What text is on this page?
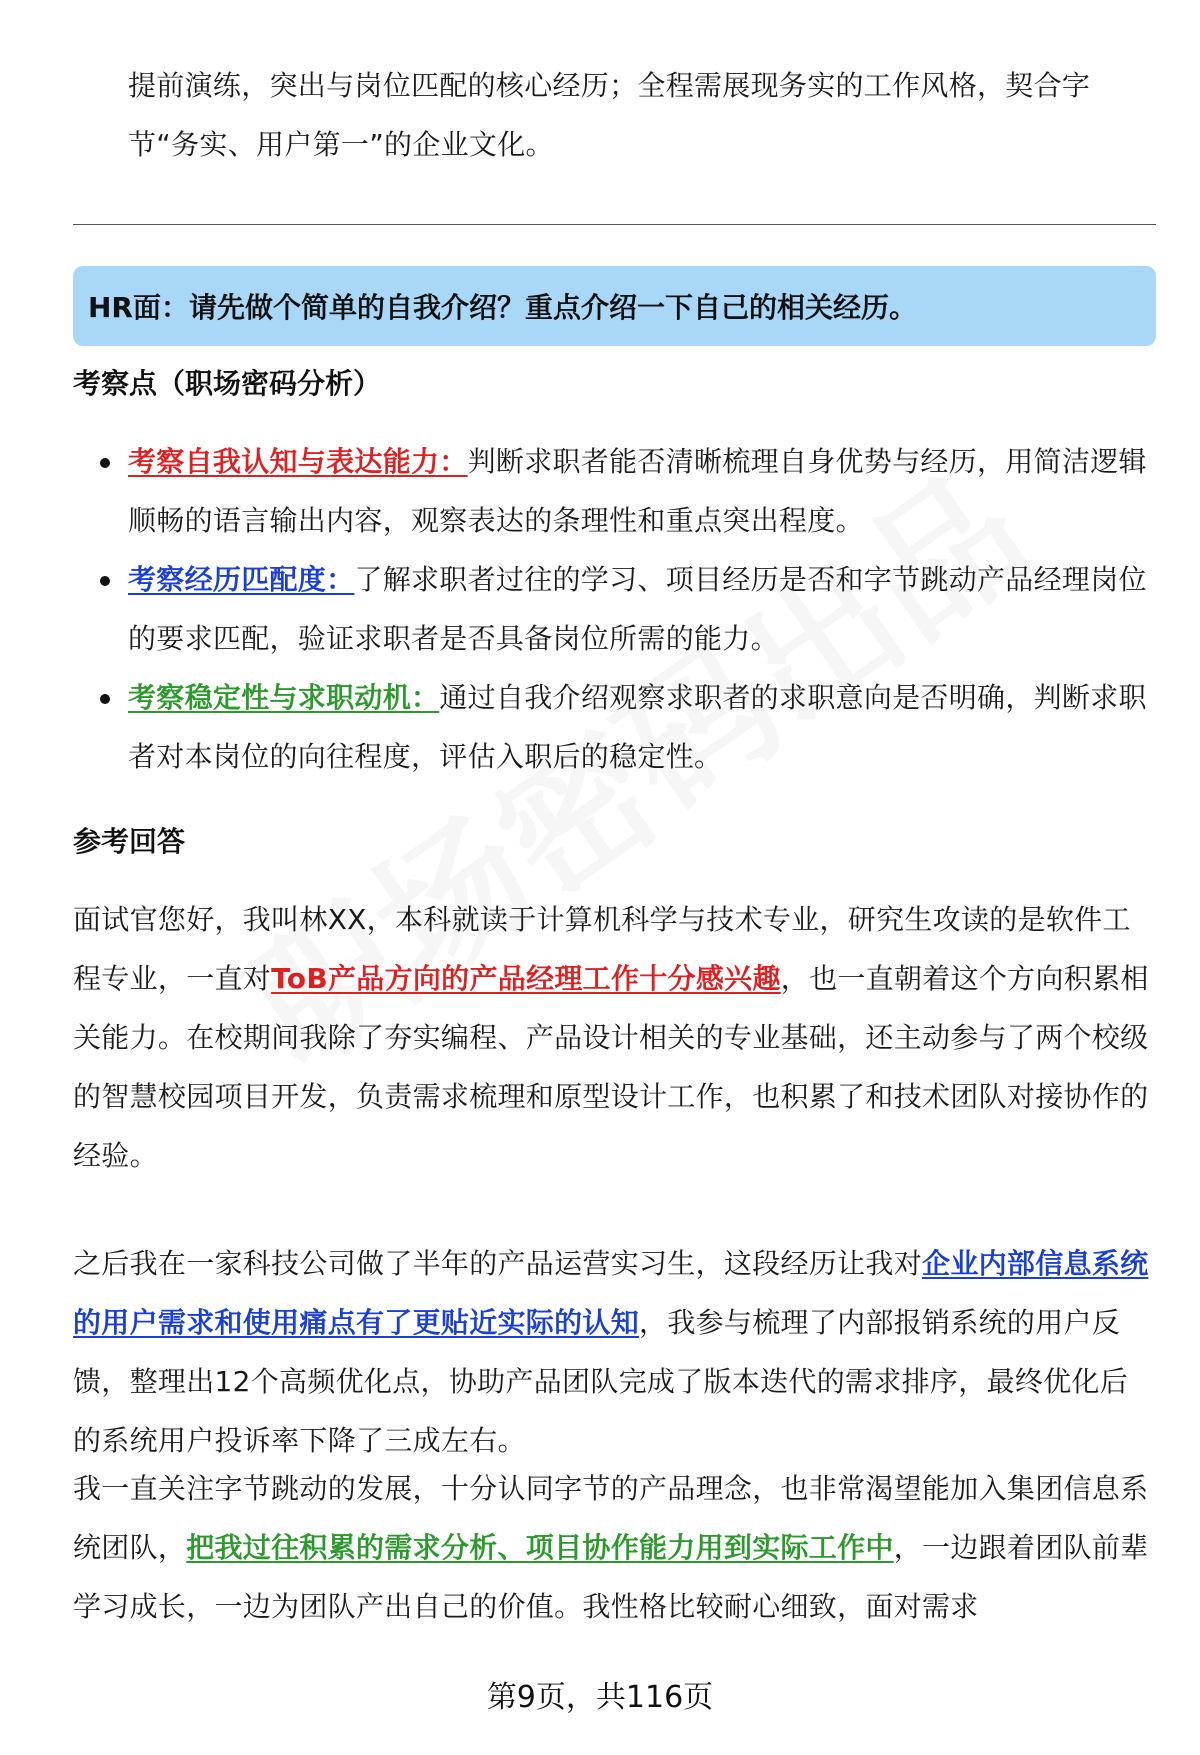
提前演练，突出与岗位匹配的核心经历；全程需展现务实的工作风格，契合字节“务实、用户第一”的企业文化。

HR面：请先做个简单的自我介绍？重点介绍一下自己的相关经历。
考察点（职场密码分析）
考察自我认知与表达能力：判断求职者能否清晰梳理自身优势与经历，用简洁逻辑顺畅的语言输出内容，观察表达的条理性和重点突出程度。
考察经历匹配度：了解求职者过往的学习、项目经历是否和字节跳动产品经理岗位的要求匹配，验证求职者是否具备岗位所需的能力。
考察稳定性与求职动机：通过自我介绍观察求职者的求职意向是否明确，判断求职者对本岗位的向往程度，评估入职后的稳定性。
参考回答

面试官您好，我叫林XX，本科就读于计算机科学与技术专业，研究生攻读的是软件工程专业，一直对ToB产品方向的产品经理工作十分感兴趣，也一直朝着这个方向积累相关能力。在校期间我除了夯实编程、产品设计相关的专业基础，还主动参与了两个校级的智慧校园项目开发，负责需求梳理和原型设计工作，也积累了和技术团队对接协作的经验。

之后我在一家科技公司做了半年的产品运营实习生，这段经历让我对企业内部信息系统的用户需求和使用痛点有了更贴近实际的认知，我参与梳理了内部报销系统的用户反馈，整理出12个高频优化点，协助产品团队完成了版本迭代的需求排序，最终优化后的系统用户投诉率下降了三成左右。

我一直关注字节跳动的发展，十分认同字节的产品理念，也非常渴望能加入集团信息系统团队，把我过往积累的需求分析、项目协作能力用到实际工作中，一边跟着团队前辈学习成长，一边为团队产出自己的价值。我性格比较耐心细致，面对需求

第9页，共116页
